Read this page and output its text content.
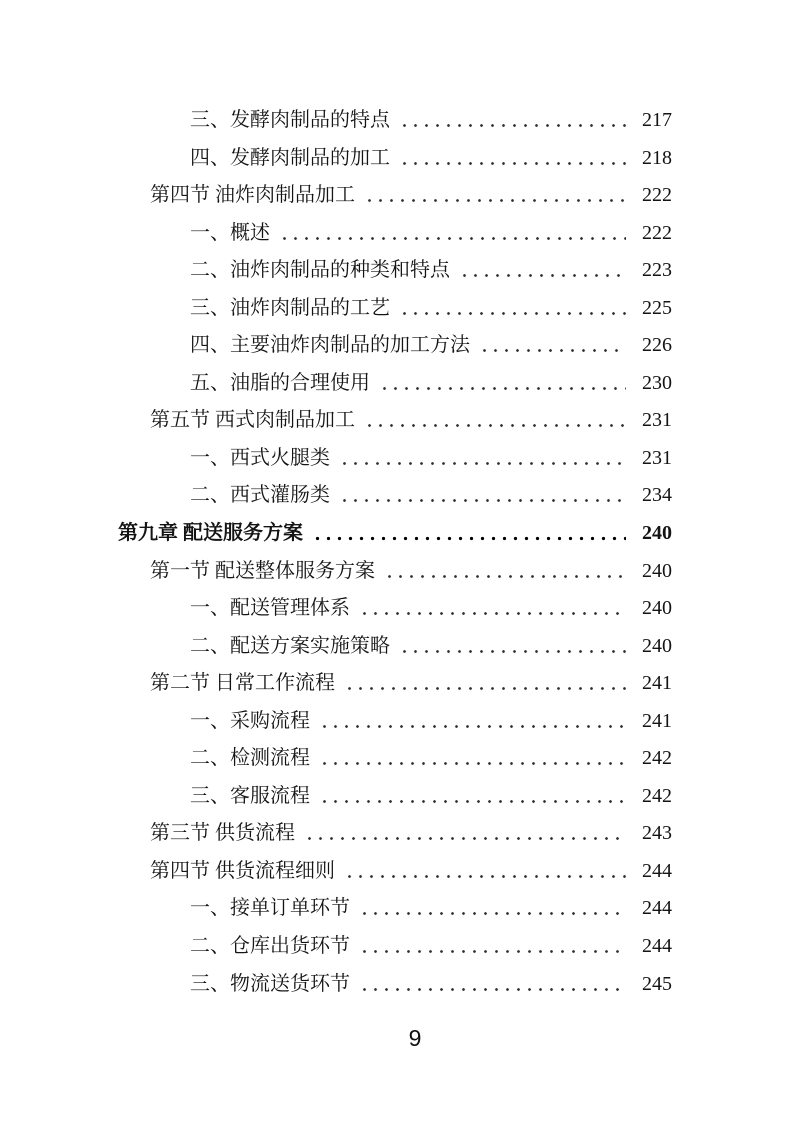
三、发酵肉制品的特点	217
四、发酵肉制品的加工	218
第四节 油炸肉制品加工	222
一、概述	222
二、油炸肉制品的种类和特点	223
三、油炸肉制品的工艺	225
四、主要油炸肉制品的加工方法	226
五、油脂的合理使用	230
第五节 西式肉制品加工	231
一、西式火腿类	231
二、西式灌肠类	234
第九章 配送服务方案	240
第一节 配送整体服务方案	240
一、配送管理体系	240
二、配送方案实施策略	240
第二节 日常工作流程	241
一、采购流程	241
二、检测流程	242
三、客服流程	242
第三节 供货流程	243
第四节 供货流程细则	244
一、接单订单环节	244
二、仓库出货环节	244
三、物流送货环节	245
9
